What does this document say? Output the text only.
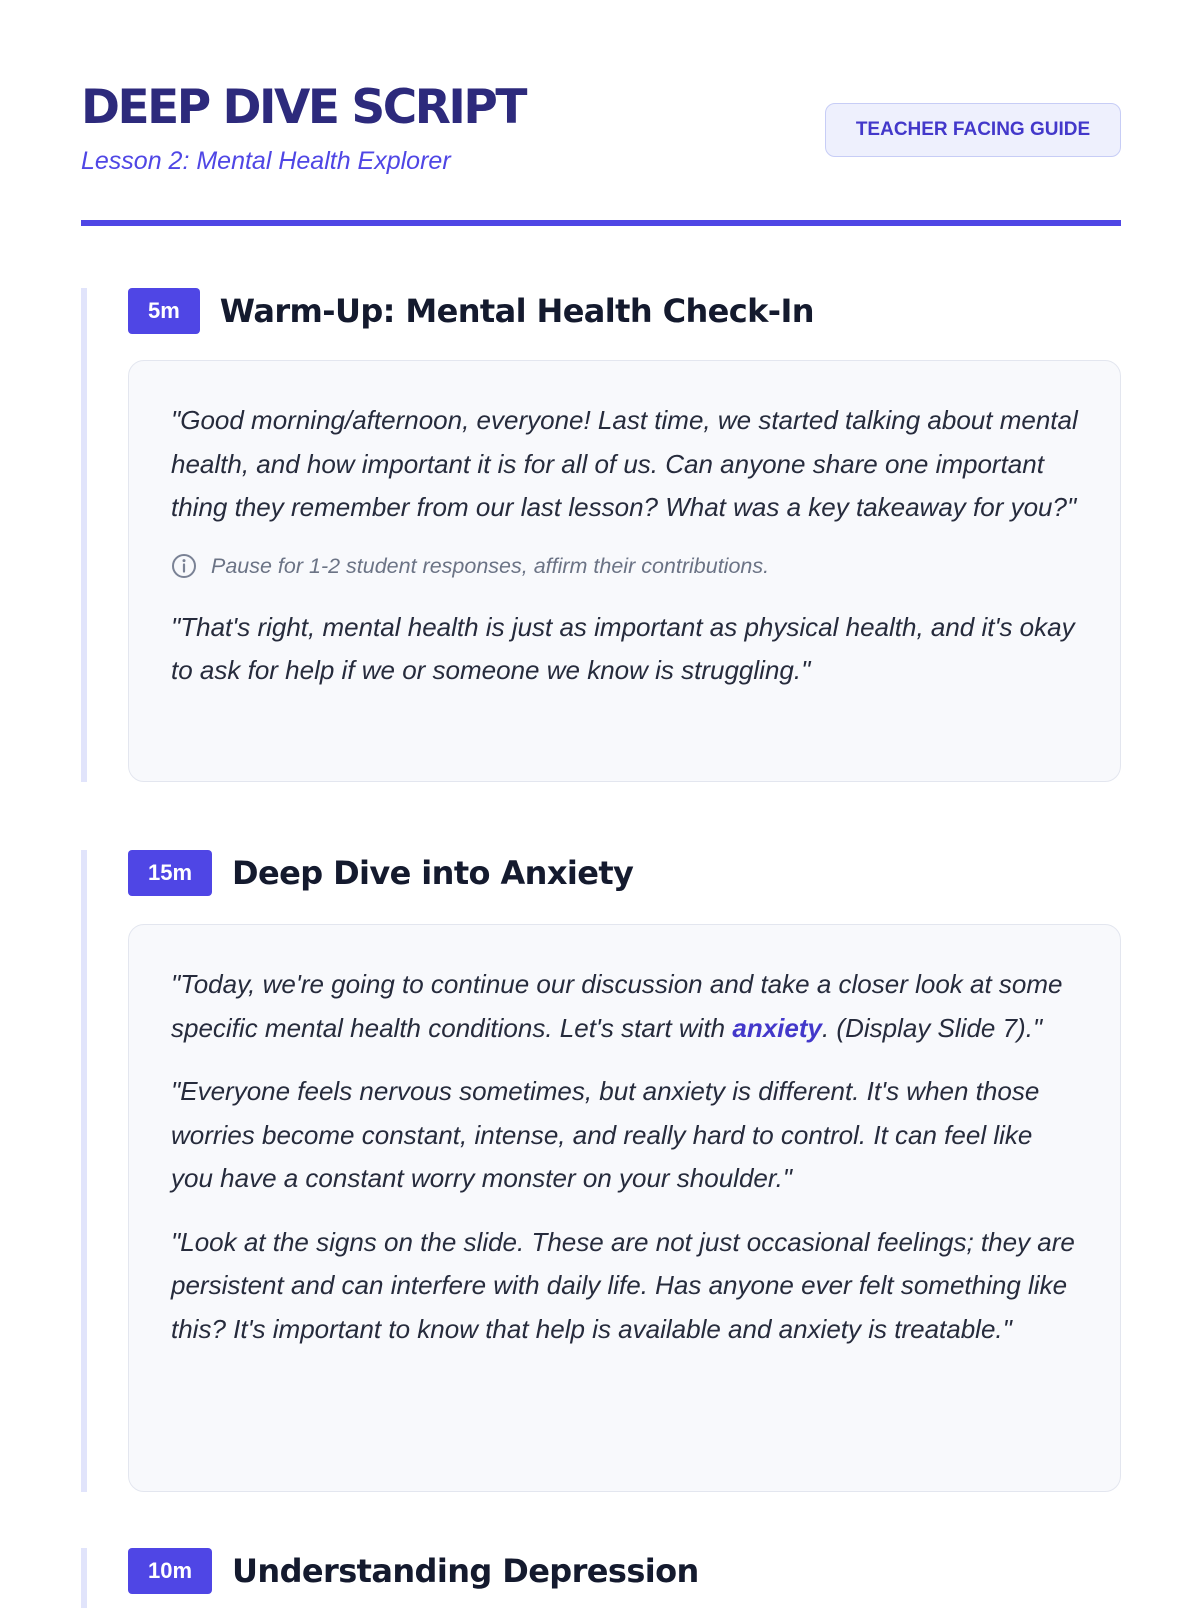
DEEP DIVE SCRIPT

Lesson 2: Mental Health Explorer

TEACHER FACING GUIDE
5m	Warm-Up: Mental Health Check-In

"Good morning/afternoon, everyone! Last time, we started talking about mental health, and how important it is for all of us. Can anyone share one important thing they remember from our last lesson? What was a key takeaway for you?"

Pause for 1-2 student responses, affirm their contributions.

"That's right, mental health is just as important as physical health, and it's okay to ask for help if we or someone we know is struggling."

15m	Deep Dive into Anxiety

"Today, we're going to continue our discussion and take a closer look at some specific mental health conditions. Let's start with anxiety. (Display Slide 7)."

"Everyone feels nervous sometimes, but anxiety is different. It's when those worries become constant, intense, and really hard to control. It can feel like you have a constant worry monster on your shoulder."

"Look at the signs on the slide. These are not just occasional feelings; they are persistent and can interfere with daily life. Has anyone ever felt something like this? It's important to know that help is available and anxiety is treatable."

10m	Understanding Depression
